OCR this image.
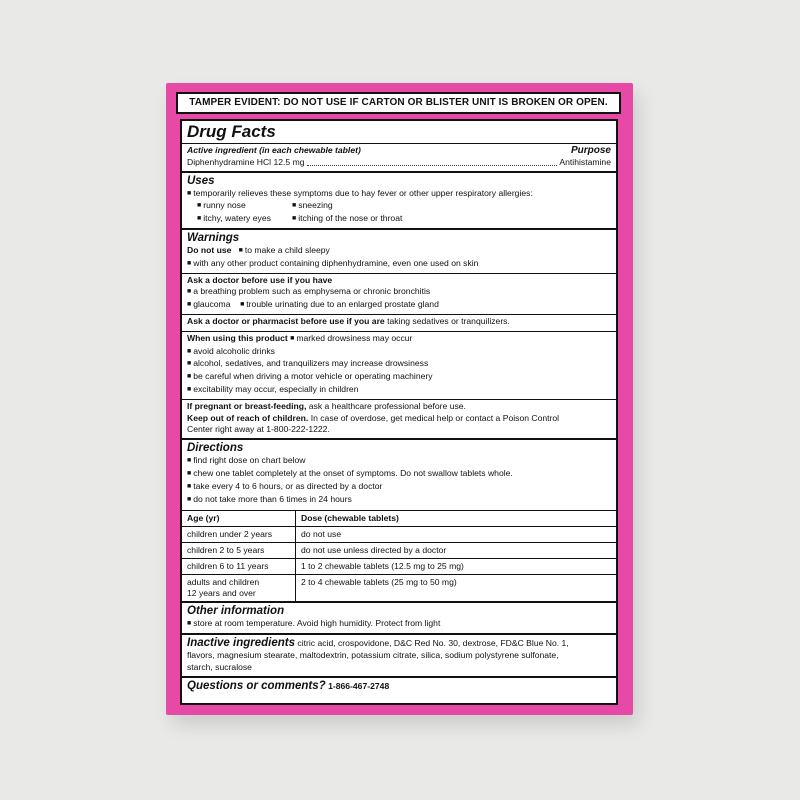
TAMPER EVIDENT: DO NOT USE IF CARTON OR BLISTER UNIT IS BROKEN OR OPEN.
Drug Facts
Active ingredient (in each chewable tablet)	Purpose
Diphenhydramine HCl 12.5 mg	Antihistamine
Uses
■ temporarily relieves these symptoms due to hay fever or other upper respiratory allergies:
■ runny nose	■ sneezing
■ itchy, watery eyes	■ itching of the nose or throat
Warnings
Do not use ■ to make a child sleepy
■ with any other product containing diphenhydramine, even one used on skin
Ask a doctor before use if you have
■ a breathing problem such as emphysema or chronic bronchitis
■ glaucoma ■ trouble urinating due to an enlarged prostate gland
Ask a doctor or pharmacist before use if you are taking sedatives or tranquilizers.
When using this product ■ marked drowsiness may occur
■ avoid alcoholic drinks
■ alcohol, sedatives, and tranquilizers may increase drowsiness
■ be careful when driving a motor vehicle or operating machinery
■ excitability may occur, especially in children
If pregnant or breast-feeding, ask a healthcare professional before use.
Keep out of reach of children. In case of overdose, get medical help or contact a Poison Control
Center right away at 1-800-222-1222.
Directions
■ find right dose on chart below
■ chew one tablet completely at the onset of symptoms. Do not swallow tablets whole.
■ take every 4 to 6 hours, or as directed by a doctor
■ do not take more than 6 times in 24 hours
Age (yr)	Dose (chewable tablets)
children under 2 years	do not use
children 2 to 5 years	do not use unless directed by a doctor
children 6 to 11 years	1 to 2 chewable tablets (12.5 mg to 25 mg)
adults and children
12 years and over	2 to 4 chewable tablets (25 mg to 50 mg)
Other information
■ store at room temperature. Avoid high humidity. Protect from light
Inactive ingredients citric acid, crospovidone, D&C Red No. 30, dextrose, FD&C Blue No. 1,
flavors, magnesium stearate, maltodextrin, potassium citrate, silica, sodium polystyrene sulfonate,
starch, sucralose
Questions or comments? 1-866-467-2748
